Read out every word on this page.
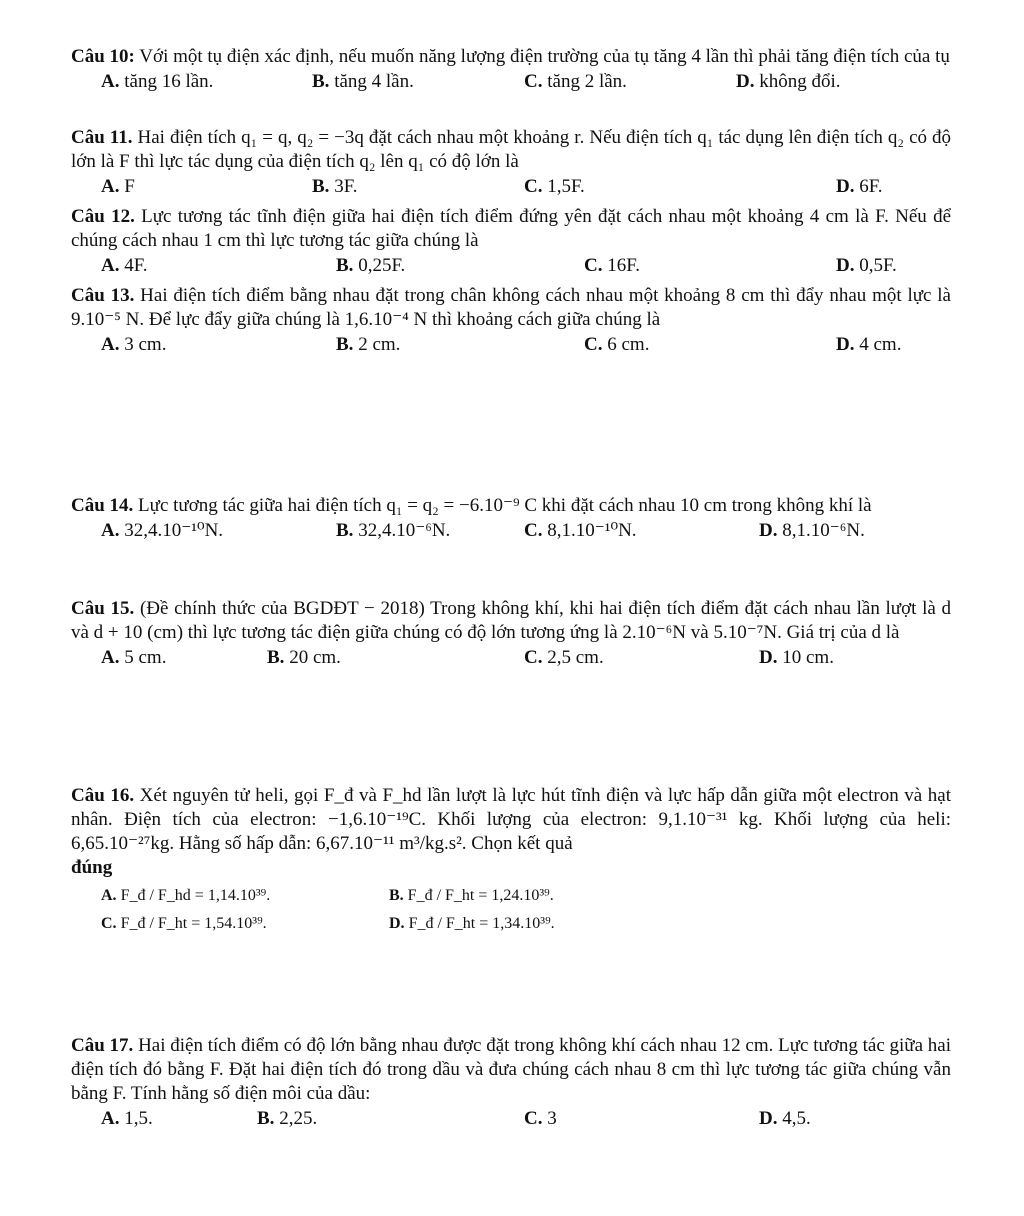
Câu 10: Với một tụ điện xác định, nếu muốn năng lượng điện trường của tụ tăng 4 lần thì phải tăng điện tích của tụ
A. tăng 16 lần.	B. tăng 4 lần.	C. tăng 2 lần.	D. không đổi.
Câu 11. Hai điện tích q₁ = q, q₂ = −3q đặt cách nhau một khoảng r. Nếu điện tích q₁ tác dụng lên điện tích q₂ có độ lớn là F thì lực tác dụng của điện tích q₂ lên q₁ có độ lớn là
A. F	B. 3F.	C. 1,5F.	D. 6F.
Câu 12. Lực tương tác tĩnh điện giữa hai điện tích điểm đứng yên đặt cách nhau một khoảng 4 cm là F. Nếu để chúng cách nhau 1 cm thì lực tương tác giữa chúng là
A. 4F.	B. 0,25F.	C. 16F.	D. 0,5F.
Câu 13. Hai điện tích điểm bằng nhau đặt trong chân không cách nhau một khoảng 8 cm thì đẩy nhau một lực là 9.10⁻⁵ N. Để lực đẩy giữa chúng là 1,6.10⁻⁴ N thì khoảng cách giữa chúng là
A. 3 cm.	B. 2 cm.	C. 6 cm.	D. 4 cm.
Câu 14. Lực tương tác giữa hai điện tích q₁ = q₂ = −6.10⁻⁹ C khi đặt cách nhau 10 cm trong không khí là
A. 32,4.10⁻¹⁰N.	B. 32,4.10⁻⁶N.	C. 8,1.10⁻¹⁰N.	D. 8,1.10⁻⁶N.
Câu 15. (Đề chính thức của BGDĐT − 2018) Trong không khí, khi hai điện tích điểm đặt cách nhau lần lượt là d và d + 10 (cm) thì lực tương tác điện giữa chúng có độ lớn tương ứng là 2.10⁻⁶N và 5.10⁻⁷N. Giá trị của d là
A. 5 cm.	B. 20 cm.	C. 2,5 cm.	D. 10 cm.
Câu 16. Xét nguyên tử heli, gọi F_đ và F_hd lần lượt là lực hút tĩnh điện và lực hấp dẫn giữa một electron và hạt nhân. Điện tích của electron: −1,6.10⁻¹⁹C. Khối lượng của electron: 9,1.10⁻³¹ kg. Khối lượng của heli: 6,65.10⁻²⁷kg. Hằng số hấp dẫn: 6,67.10⁻¹¹ m³/kg.s². Chọn kết quả
đúng
A. F_đ / F_hd = 1,14.10³⁹.	B. F_đ / F_ht = 1,24.10³⁹.
C. F_đ / F_ht = 1,54.10³⁹.	D. F_đ / F_ht = 1,34.10³⁹.
Câu 17. Hai điện tích điểm có độ lớn bằng nhau được đặt trong không khí cách nhau 12 cm. Lực tương tác giữa hai điện tích đó bằng F. Đặt hai điện tích đó trong dầu và đưa chúng cách nhau 8 cm thì lực tương tác giữa chúng vẫn bằng F. Tính hằng số điện môi của dầu:
A. 1,5.	B. 2,25.	C. 3	D. 4,5.
